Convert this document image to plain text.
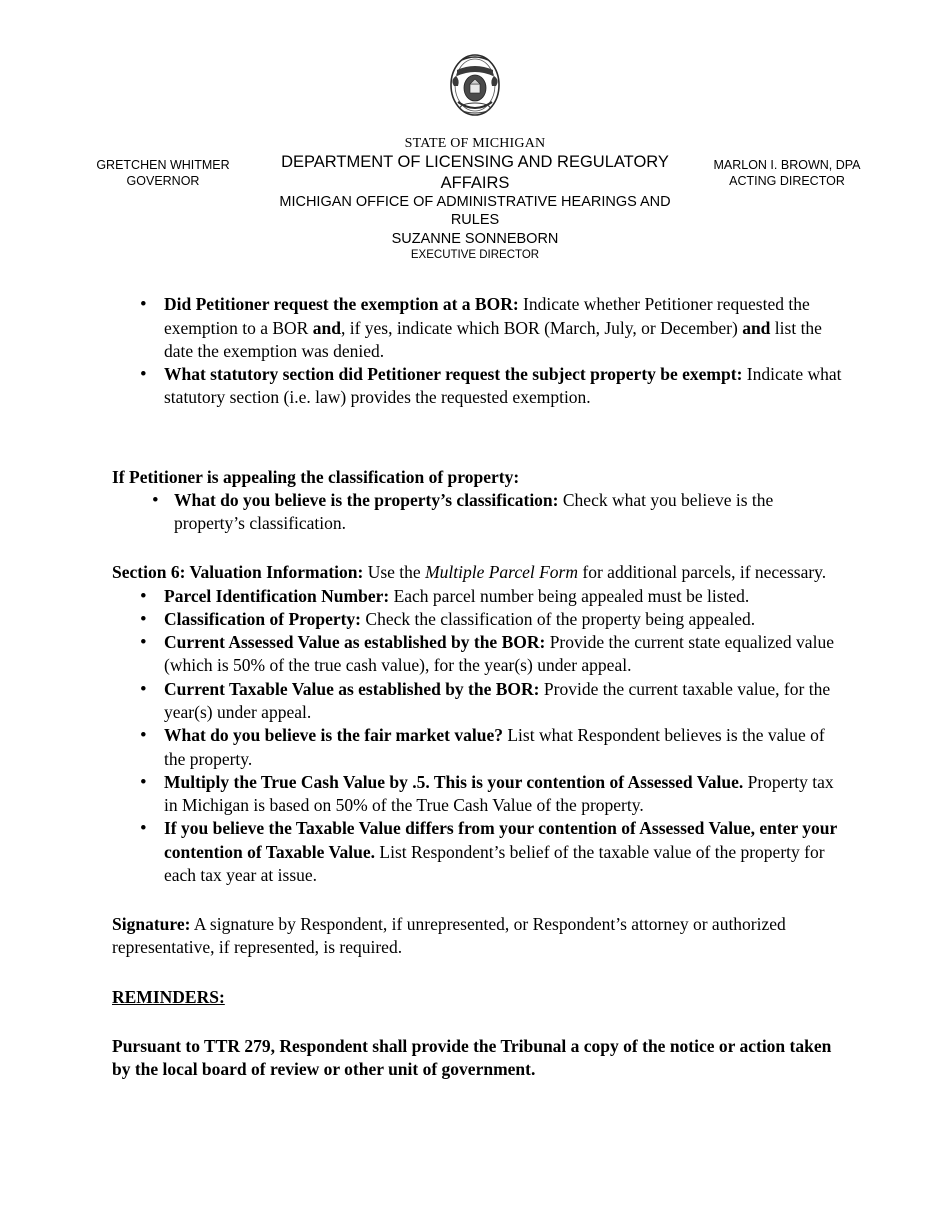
GRETCHEN WHITMER
GOVERNOR
STATE OF MICHIGAN
DEPARTMENT OF LICENSING AND REGULATORY AFFAIRS
MICHIGAN OFFICE OF ADMINISTRATIVE HEARINGS AND RULES
SUZANNE SONNEBORN
EXECUTIVE DIRECTOR
MARLON I. BROWN, DPA
ACTING DIRECTOR
• Did Petitioner request the exemption at a BOR: Indicate whether Petitioner requested the exemption to a BOR and, if yes, indicate which BOR (March, July, or December) and list the date the exemption was denied.
• What statutory section did Petitioner request the subject property be exempt: Indicate what statutory section (i.e. law) provides the requested exemption.
If Petitioner is appealing the classification of property:
• What do you believe is the property’s classification: Check what you believe is the property’s classification.
Section 6: Valuation Information: Use the Multiple Parcel Form for additional parcels, if necessary.
• Parcel Identification Number: Each parcel number being appealed must be listed.
• Classification of Property: Check the classification of the property being appealed.
• Current Assessed Value as established by the BOR: Provide the current state equalized value (which is 50% of the true cash value), for the year(s) under appeal.
• Current Taxable Value as established by the BOR: Provide the current taxable value, for the year(s) under appeal.
• What do you believe is the fair market value? List what Respondent believes is the value of the property.
• Multiply the True Cash Value by .5. This is your contention of Assessed Value. Property tax in Michigan is based on 50% of the True Cash Value of the property.
• If you believe the Taxable Value differs from your contention of Assessed Value, enter your contention of Taxable Value. List Respondent’s belief of the taxable value of the property for each tax year at issue.
Signature: A signature by Respondent, if unrepresented, or Respondent’s attorney or authorized representative, if represented, is required.
REMINDERS:
Pursuant to TTR 279, Respondent shall provide the Tribunal a copy of the notice or action taken by the local board of review or other unit of government.
